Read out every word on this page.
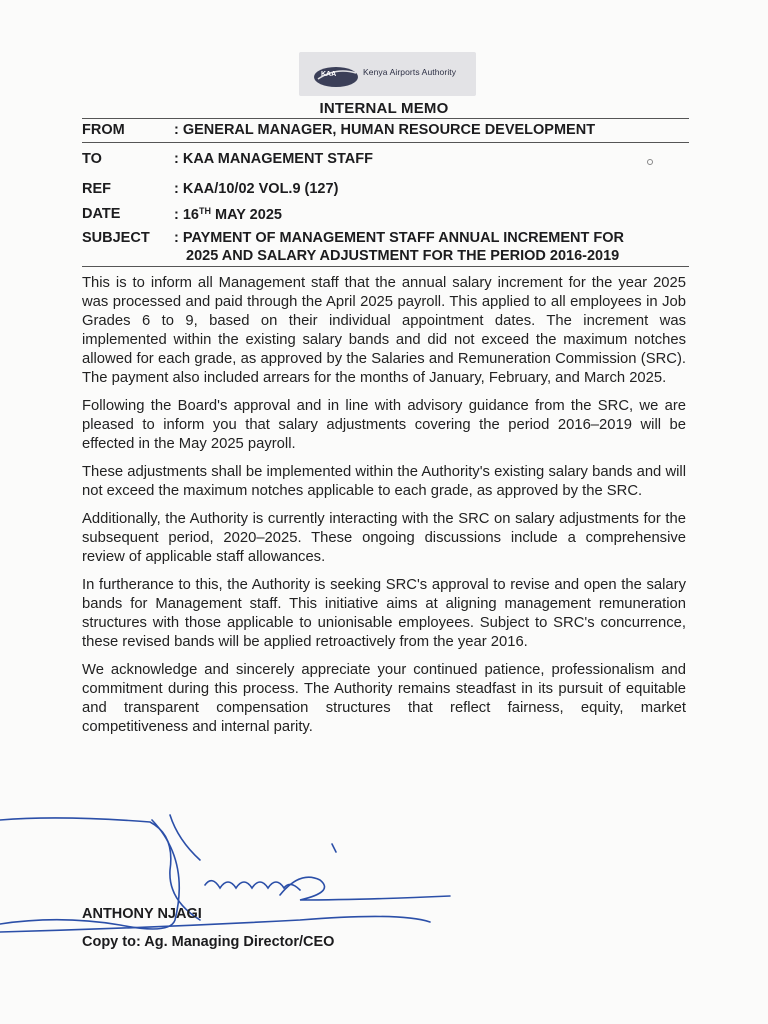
KAA	Kenya Airports Authority
INTERNAL MEMO
FROM	: GENERAL MANAGER, HUMAN RESOURCE DEVELOPMENT
TO	: KAA MANAGEMENT STAFF
REF	: KAA/10/02 VOL.9 (127)
DATE	: 16TH MAY 2025
SUBJECT : PAYMENT OF MANAGEMENT STAFF ANNUAL INCREMENT FOR
2025 AND SALARY ADJUSTMENT FOR THE PERIOD 2016-2019

This is to inform all Management staff that the annual salary increment for the year 2025 was processed and paid through the April 2025 payroll. This applied to all employees in Job Grades 6 to 9, based on their individual appointment dates. The increment was implemented within the existing salary bands and did not exceed the maximum notches allowed for each grade, as approved by the Salaries and Remuneration Commission (SRC). The payment also included arrears for the months of January, February, and March 2025.

Following the Board's approval and in line with advisory guidance from the SRC, we are pleased to inform you that salary adjustments covering the period 2016–2019 will be effected in the May 2025 payroll.

These adjustments shall be implemented within the Authority's existing salary bands and will not exceed the maximum notches applicable to each grade, as approved by the SRC.

Additionally, the Authority is currently interacting with the SRC on salary adjustments for the subsequent period, 2020–2025. These ongoing discussions include a comprehensive review of applicable staff allowances.

In furtherance to this, the Authority is seeking SRC's approval to revise and open the salary bands for Management staff. This initiative aims at aligning management remuneration structures with those applicable to unionisable employees. Subject to SRC's concurrence, these revised bands will be applied retroactively from the year 2016.

We acknowledge and sincerely appreciate your continued patience, professionalism and commitment during this process. The Authority remains steadfast in its pursuit of equitable and transparent compensation structures that reflect fairness, equity, market competitiveness and internal parity.

ANTHONY NJAGI
Copy to: Ag. Managing Director/CEO
